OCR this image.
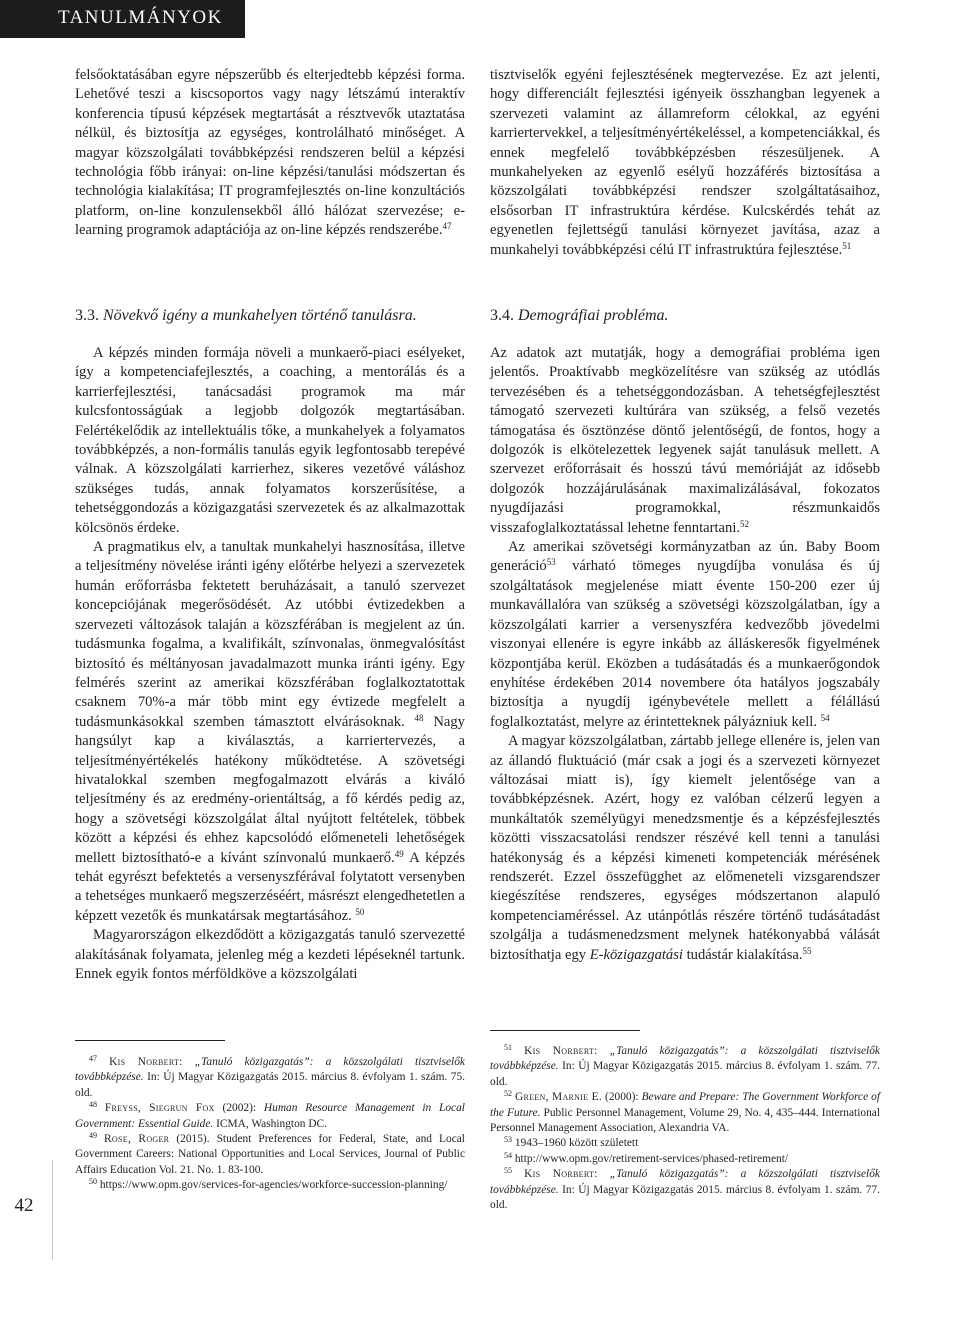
TANULMÁNYOK
42

felsőoktatásában egyre népszerűbb és elterjedtebb képzési forma. Lehetővé teszi a kiscsoportos vagy nagy létszámú interaktív konferencia típusú képzések megtartását a résztvevők utaztatása nélkül, és biztosítja az egységes, kontrolálható minőséget. A magyar közszolgálati továbbképzési rendszeren belül a képzési technológia főbb irányai: on-line képzési/tanulási módszertan és technológia kialakítása; IT programfejlesztés on-line konzultációs platform, on-line konzulensekből álló hálózat szervezése; e-learning programok adaptációja az on-line képzés rendszerébe.$^{47}$

3.3. Növekvő igény a munkahelyen történő tanulásra.

A képzés minden formája növeli a munkaerő-piaci esélyeket, így a kompetenciafejlesztés, a coaching, a mentorálás és a karrierfejlesztési, tanácsadási programok ma már kulcsfontosságúak a legjobb dolgozók megtartásában. Felértékelődik az intellektuális tőke, a munkahelyek a folyamatos továbbképzés, a non-formális tanulás egyik legfontosabb terepévé válnak. A közszolgálati karrierhez, sikeres vezetővé váláshoz szükséges tudás, annak folyamatos korszerűsítése, a tehetséggondozás a közigazgatási szervezetek és az alkalmazottak kölcsönös érdeke.

A pragmatikus elv, a tanultak munkahelyi hasznosítása, illetve a teljesítmény növelése iránti igény előtérbe helyezi a szervezetek humán erőforrásba fektetett beruházásait, a tanuló szervezet koncepciójának megerősödését. Az utóbbi évtizedekben a szervezeti változások talaján a közszférában is megjelent az ún. tudásmunka fogalma, a kvalifikált, színvonalas, önmegvalósítást biztosító és méltányosan javadalmazott munka iránti igény. Egy felmérés szerint az amerikai közszférában foglalkoztatottak csaknem 70%-a már több mint egy évtizede megfelelt a tudásmunkásokkal szemben támasztott elvárásoknak. $^{48}$ Nagy hangsúlyt kap a kiválasztás, a karriertervezés, a teljesítményértékelés hatékony működtetése. A szövetségi hivatalokkal szemben megfogalmazott elvárás a kiváló teljesítmény és az eredmény-orientáltság, a fő kérdés pedig az, hogy a szövetségi közszolgálat által nyújtott feltételek, többek között a képzési és ehhez kapcsolódó előmeneteli lehetőségek mellett biztosítható-e a kívánt színvonalú munkaerő.$^{49}$ A képzés tehát egyrészt befektetés a versenyszférával folytatott versenyben a tehetséges munkaerő megszerzéséért, másrészt elengedhetetlen a képzett vezetők és munkatársak megtartásához. $^{50}$

Magyarországon elkezdődött a közigazgatás tanuló szervezetté alakításának folyamata, jelenleg még a kezdeti lépéseknél tartunk. Ennek egyik fontos mérföldköve a közszolgálati

$^{47}$ Kis Norbert: „Tanuló közigazgatás”: a közszolgálati tisztviselők továbbképzése. In: Új Magyar Közigazgatás 2015. március 8. évfolyam 1. szám. 75. old.

$^{48}$ Freyss, Siegrun Fox (2002): Human Resource Management in Local Government: Essential Guide. ICMA, Washington DC.

$^{49}$ Rose, Roger (2015). Student Preferences for Federal, State, and Local Government Careers: National Opportunities and Local Services, Journal of Public Affairs Education Vol. 21. No. 1. 83-100.

$^{50}$ https://www.opm.gov/services-for-agencies/workforce-succession-planning/

tisztviselők egyéni fejlesztésének megtervezése. Ez azt jelenti, hogy differenciált fejlesztési igényeik összhangban legyenek a szervezeti valamint az államreform célokkal, az egyéni karriertervekkel, a teljesítményértékeléssel, a kompetenciákkal, és ennek megfelelő továbbképzésben részesüljenek. A munkahelyeken az egyenlő esélyű hozzáférés biztosítása a közszolgálati továbbképzési rendszer szolgáltatásaihoz, elsősorban IT infrastruktúra kérdése. Kulcskérdés tehát az egyenetlen fejlettségű tanulási környezet javítása, azaz a munkahelyi továbbképzési célú IT infrastruktúra fejlesztése.$^{51}$

3.4. Demográfiai probléma.

Az adatok azt mutatják, hogy a demográfiai probléma igen jelentős. Proaktívabb megközelítésre van szükség az utódlás tervezésében és a tehetséggondozásban. A tehetségfejlesztést támogató szervezeti kultúrára van szükség, a felső vezetés támogatása és ösztönzése döntő jelentőségű, de fontos, hogy a dolgozók is elkötelezettek legyenek saját tanulásuk mellett. A szervezet erőforrásait és hosszú távú memóriáját az idősebb dolgozók hozzájárulásának maximalizálásával, fokozatos nyugdíjazási programokkal, részmunkaidős visszafoglalkoztatással lehetne fenntartani.$^{52}$

Az amerikai szövetségi kormányzatban az ún. Baby Boom generáció$^{53}$ várható tömeges nyugdíjba vonulása és új szolgáltatások megjelenése miatt évente 150-200 ezer új munkavállalóra van szükség a szövetségi közszolgálatban, így a közszolgálati karrier a versenyszféra kedvezőbb jövedelmi viszonyai ellenére is egyre inkább az álláskeresők figyelmének központjába kerül. Eközben a tudásátadás és a munkaerőgondok enyhítése érdekében 2014 novembere óta hatályos jogszabály biztosítja a nyugdíj igénybevétele mellett a félállású foglalkoztatást, melyre az érintetteknek pályázniuk kell. $^{54}$

A magyar közszolgálatban, zártabb jellege ellenére is, jelen van az állandó fluktuáció (már csak a jogi és a szervezeti környezet változásai miatt is), így kiemelt jelentősége van a továbbképzésnek. Azért, hogy ez valóban célzerű legyen a munkáltatók személyügyi menedzsmentje és a képzésfejlesztés közötti visszacsatolási rendszer részévé kell tenni a tanulási hatékonyság és a képzési kimeneti kompetenciák mérésének rendszerét. Ezzel összefügghet az előmeneteli vizsgarendszer kiegészítése rendszeres, egységes módszertanon alapuló kompetenciaméréssel. Az utánpótlás részére történő tudásátadást szolgálja a tudásmenedzsment melynek hatékonyabbá válását biztosíthatja egy E-közigazgatási tudástár kialakítása.$^{55}$

$^{51}$ Kis Norbert: „Tanuló közigazgatás”: a közszolgálati tisztviselők továbbképzése. In: Új Magyar Közigazgatás 2015. március 8. évfolyam 1. szám. 77. old.

$^{52}$ Green, Marnie E. (2000): Beware and Prepare: The Government Workforce of the Future. Public Personnel Management, Volume 29, No. 4, 435–444. International Personnel Management Association, Alexandria VA.

$^{53}$ 1943–1960 között született

$^{54}$ http://www.opm.gov/retirement-services/phased-retirement/

$^{55}$ Kis Norbert: „Tanuló közigazgatás”: a közszolgálati tisztviselők továbbképzése. In: Új Magyar Közigazgatás 2015. március 8. évfolyam 1. szám. 77. old.
